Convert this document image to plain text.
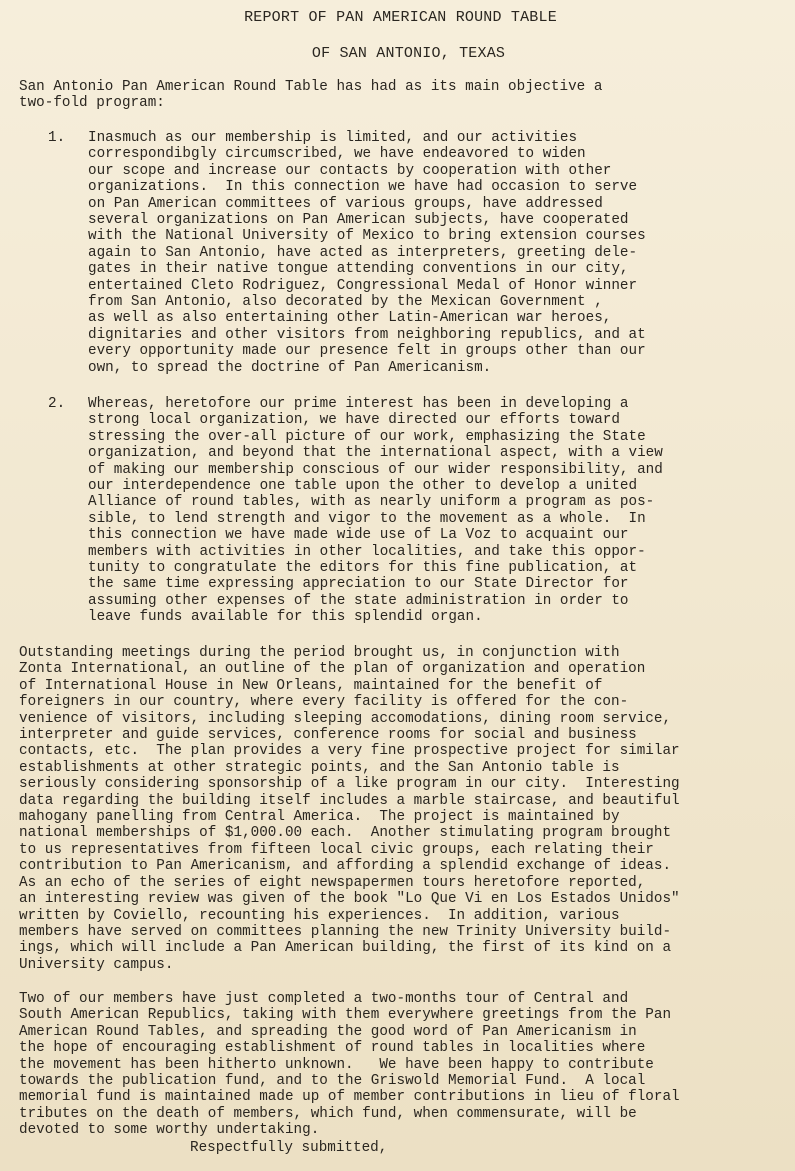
REPORT OF PAN AMERICAN ROUND TABLE
OF SAN ANTONIO, TEXAS

San Antonio Pan American Round Table has had as its main objective a
two-fold program:

1. Inasmuch as our membership is limited, and our activities
correspondibgly circumscribed, we have endeavored to widen
our scope and increase our contacts by cooperation with other
organizations.  In this connection we have had occasion to serve
on Pan American committees of various groups, have addressed
several organizations on Pan American subjects, have cooperated
with the National University of Mexico to bring extension courses
again to San Antonio, have acted as interpreters, greeting dele-
gates in their native tongue attending conventions in our city,
entertained Cleto Rodriguez, Congressional Medal of Honor winner
from San Antonio, also decorated by the Mexican Government ,
as well as also entertaining other Latin-American war heroes,
dignitaries and other visitors from neighboring republics, and at
every opportunity made our presence felt in groups other than our
own, to spread the doctrine of Pan Americanism.

2. Whereas, heretofore our prime interest has been in developing a
strong local organization, we have directed our efforts toward
stressing the over-all picture of our work, emphasizing the State
organization, and beyond that the international aspect, with a view
of making our membership conscious of our wider responsibility, and
our interdependence one table upon the other to develop a united
Alliance of round tables, with as nearly uniform a program as pos-
sible, to lend strength and vigor to the movement as a whole.  In
this connection we have made wide use of La Voz to acquaint our
members with activities in other localities, and take this oppor-
tunity to congratulate the editors for this fine publication, at
the same time expressing appreciation to our State Director for
assuming other expenses of the state administration in order to
leave funds available for this splendid organ.

Outstanding meetings during the period brought us, in conjunction with
Zonta International, an outline of the plan of organization and operation
of International House in New Orleans, maintained for the benefit of
foreigners in our country, where every facility is offered for the con-
venience of visitors, including sleeping accomodations, dining room service,
interpreter and guide services, conference rooms for social and business
contacts, etc.  The plan provides a very fine prospective project for similar
establishments at other strategic points, and the San Antonio table is
seriously considering sponsorship of a like program in our city.  Interesting
data regarding the building itself includes a marble staircase, and beautiful
mahogany panelling from Central America.  The project is maintained by
national memberships of $1,000.00 each.  Another stimulating program brought
to us representatives from fifteen local civic groups, each relating their
contribution to Pan Americanism, and affording a splendid exchange of ideas.
As an echo of the series of eight newspapermen tours heretofore reported,
an interesting review was given of the book "Lo Que Vi en Los Estados Unidos"
written by Coviello, recounting his experiences.  In addition, various
members have served on committees planning the new Trinity University build-
ings, which will include a Pan American building, the first of its kind on a
University campus.

Two of our members have just completed a two-months tour of Central and
South American Republics, taking with them everywhere greetings from the Pan
American Round Tables, and spreading the good word of Pan Americanism in
the hope of encouraging establishment of round tables in localities where
the movement has been hitherto unknown.   We have been happy to contribute
towards the publication fund, and to the Griswold Memorial Fund.  A local
memorial fund is maintained made up of member contributions in lieu of floral
tributes on the death of members, which fund, when commensurate, will be
devoted to some worthy undertaking.

Respectfully submitted,
